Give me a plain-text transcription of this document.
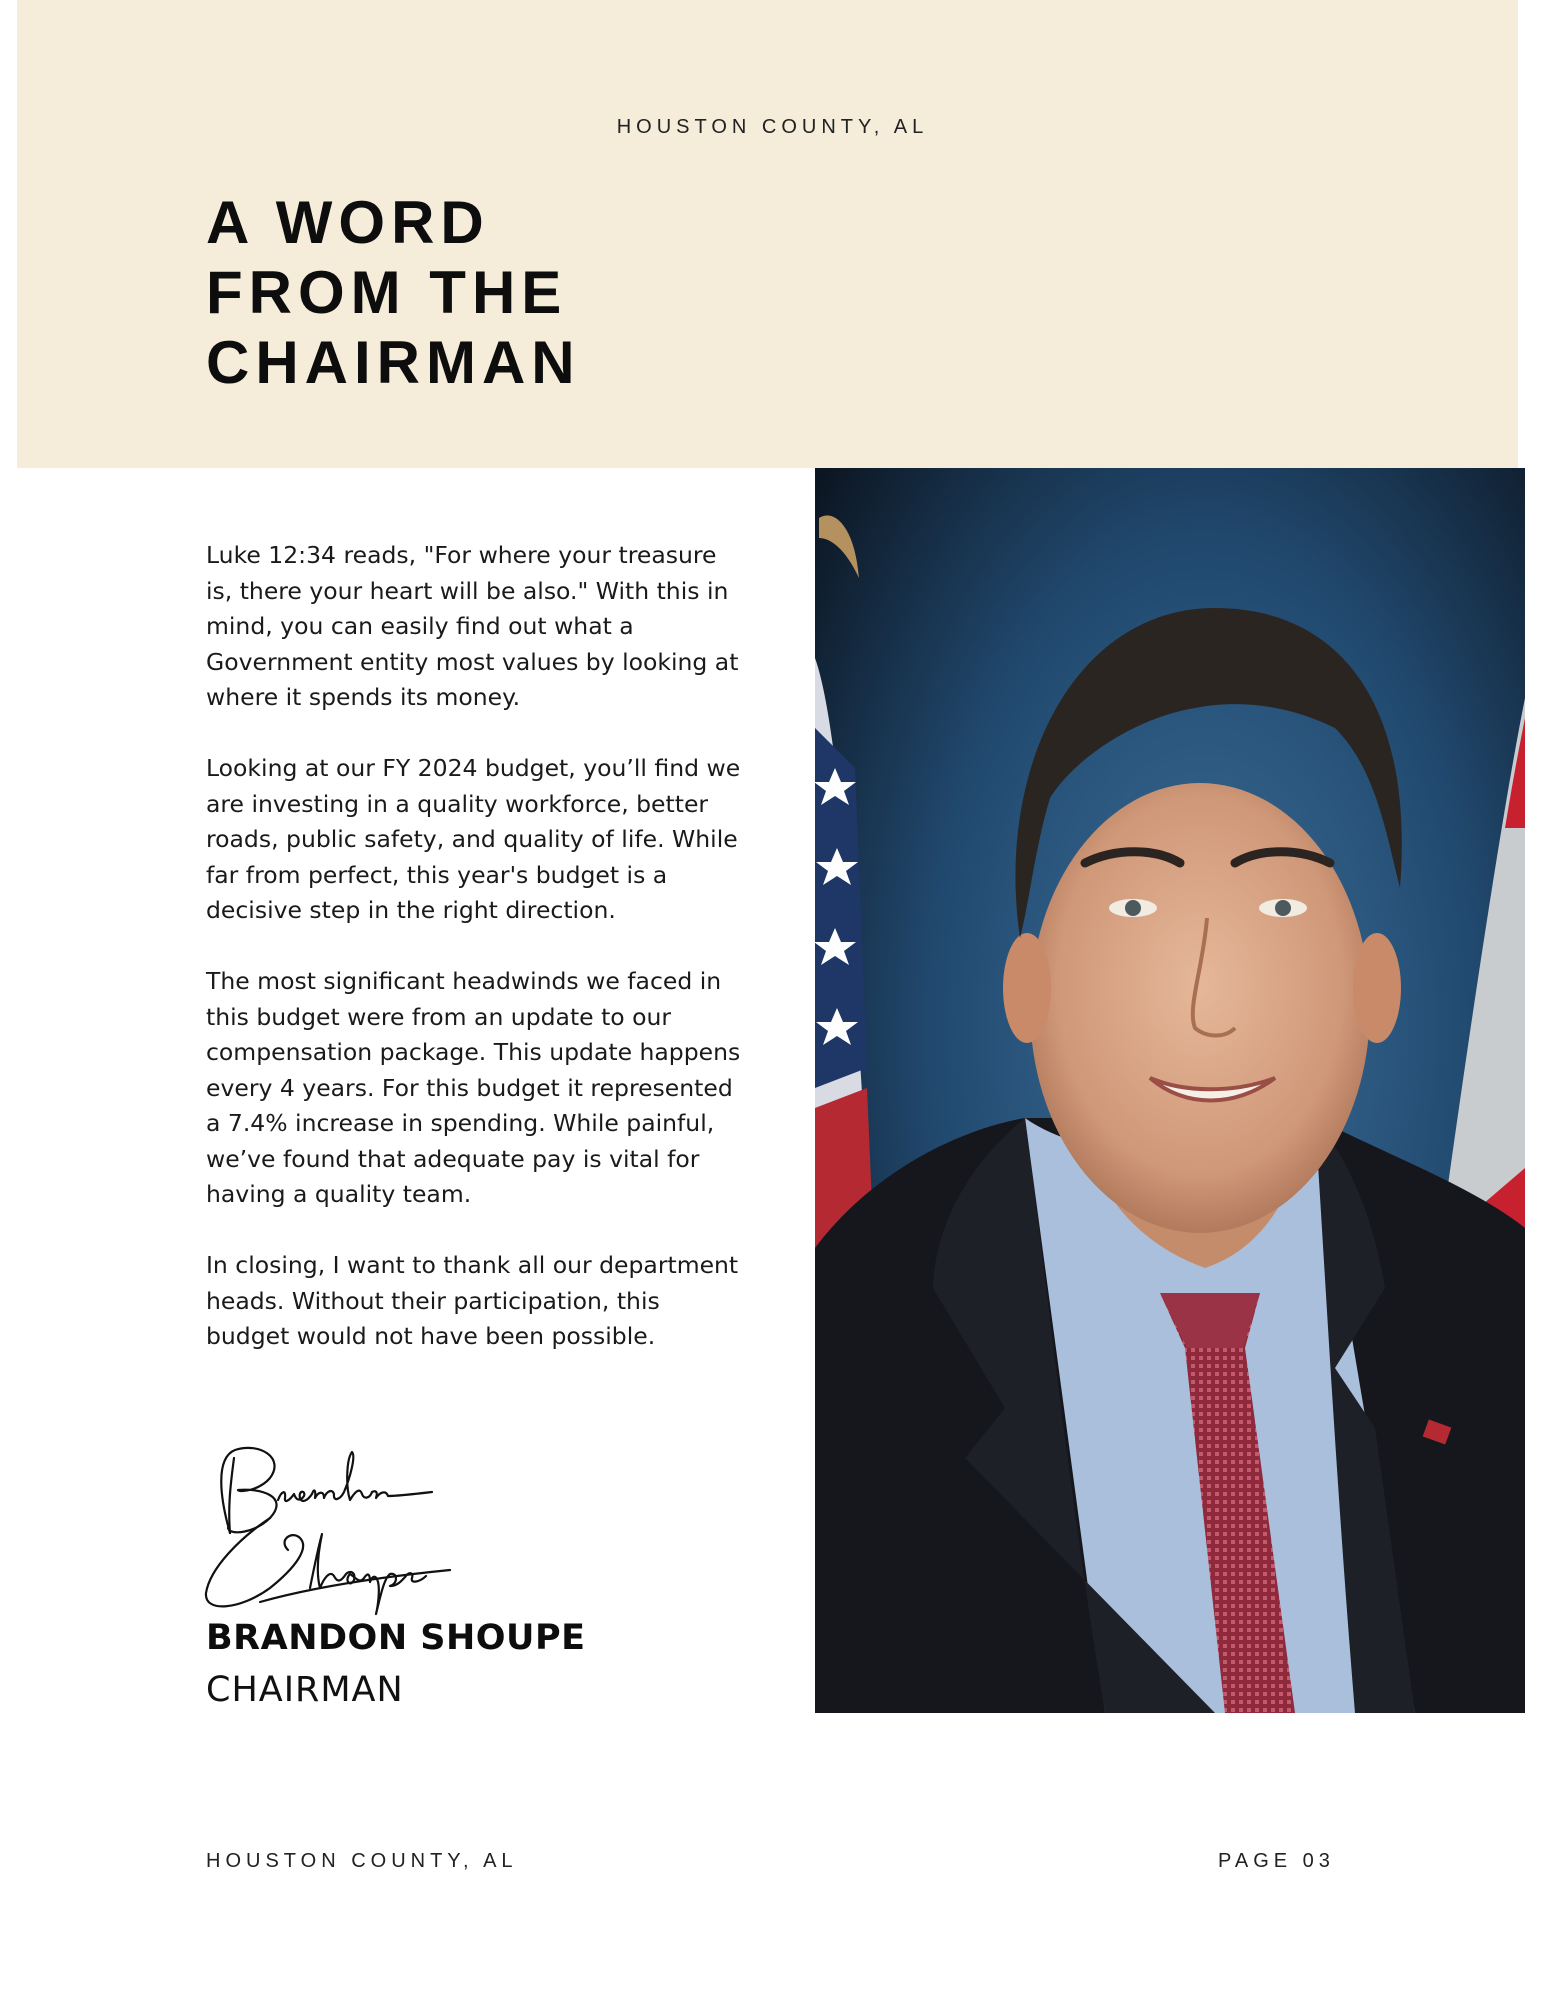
HOUSTON COUNTY, AL
A WORD
FROM THE
CHAIRMAN

Luke 12:34 reads, "For where your treasure is, there your heart will be also." With this in mind, you can easily find out what a Government entity most values by looking at where it spends its money.

Looking at our FY 2024 budget, you’ll find we are investing in a quality workforce, better roads, public safety, and quality of life. While far from perfect, this year's budget is a decisive step in the right direction.

The most significant headwinds we faced in this budget were from an update to our compensation package. This update happens every 4 years. For this budget it represented a 7.4% increase in spending. While painful, we’ve found that adequate pay is vital for having a quality team.

In closing, I want to thank all our department heads. Without their participation, this budget would not have been possible.

BRANDON SHOUPE
CHAIRMAN
HOUSTON COUNTY, AL	PAGE 03
